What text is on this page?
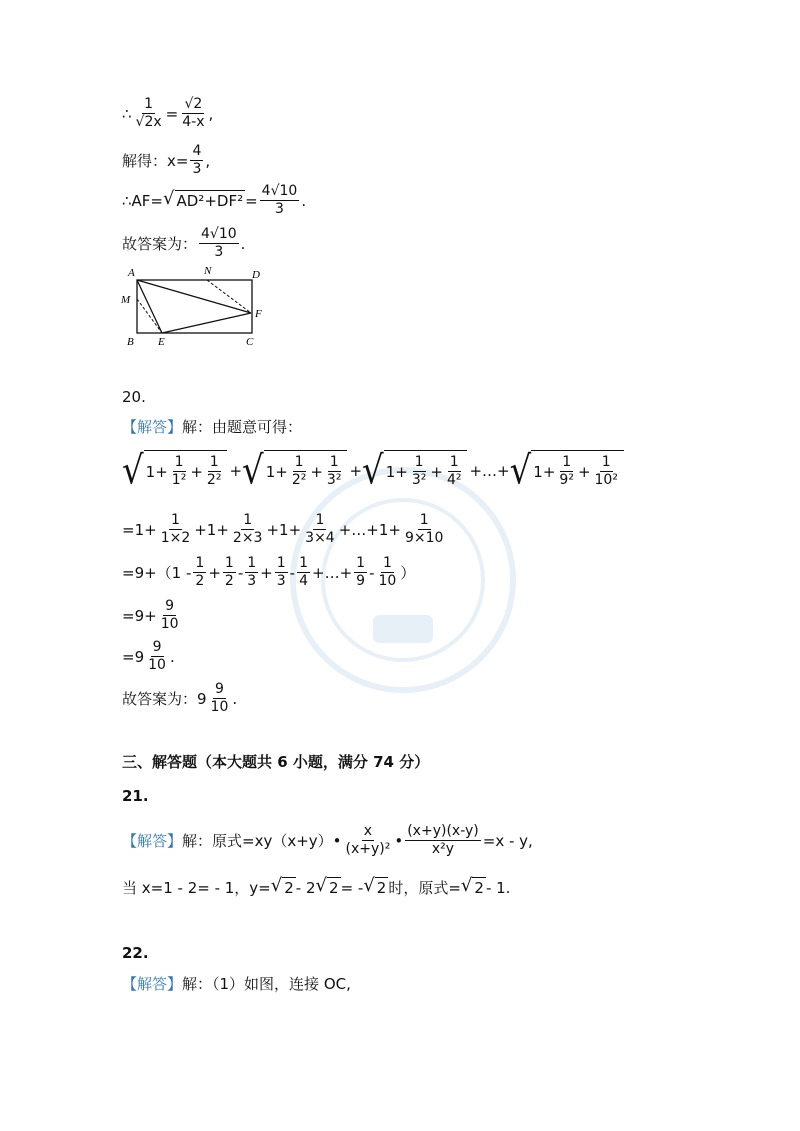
∴ $\frac{1}{√2x} = \frac{√2}{4-x}$ ,
解得：$x= \frac{4}{3}$ ,
∴AF= √ $AD^2+DF^2 = \frac{4√10}{3}$ .
故答案为： $\frac{4√10}{3}$ .
A	N	D
M
F
B E	C
20.
【解答】解：由题意可得：
√ $1+ \frac{1}{\text{1²}} + \frac{1}{\text{2²}}$ + √ $1+ \frac{1}{\text{2²}} + \frac{1}{\text{3²}}$ + √ $1+ \frac{1}{\text{3²}} + \frac{1}{\text{4²}}$ +…+ √ $1+ \frac{1}{\text{9²}} + \frac{1}{\text{10²}}$
$=1+ \frac{1}{1\times 2} +1+ \frac{1}{2\times 3} +1+ \frac{1}{3\times 4}$ +…+1+ $\frac{1}{9\times 10}$
$=9+(1 - \frac{1}{2} + \frac{1}{2} - \frac{1}{3} + \frac{1}{3} - \frac{1}{4}$ +…+ $\frac{1}{9} - \frac{1}{10}$ ）
$=9+ \frac{9}{10}$
$=9 \frac{9}{10}$ .
故答案为：$9 \frac{9}{10}$ .
三、解答题（本大题共 6 小题，满分 74 分）
21.
【解答】 解：原式=xy（x+y）• $\frac{x}{\text{(x+y)²}}$ • $\frac{(x+y)(x-y)}{\text{x²y}} =x - y$,
当 x=1 - 2= - 1，y= √ 2 - 2 √ 2 = - √ 2 时，原式= √ 2 - 1.
22.
【解答】解：（1）如图，连接 OC,
